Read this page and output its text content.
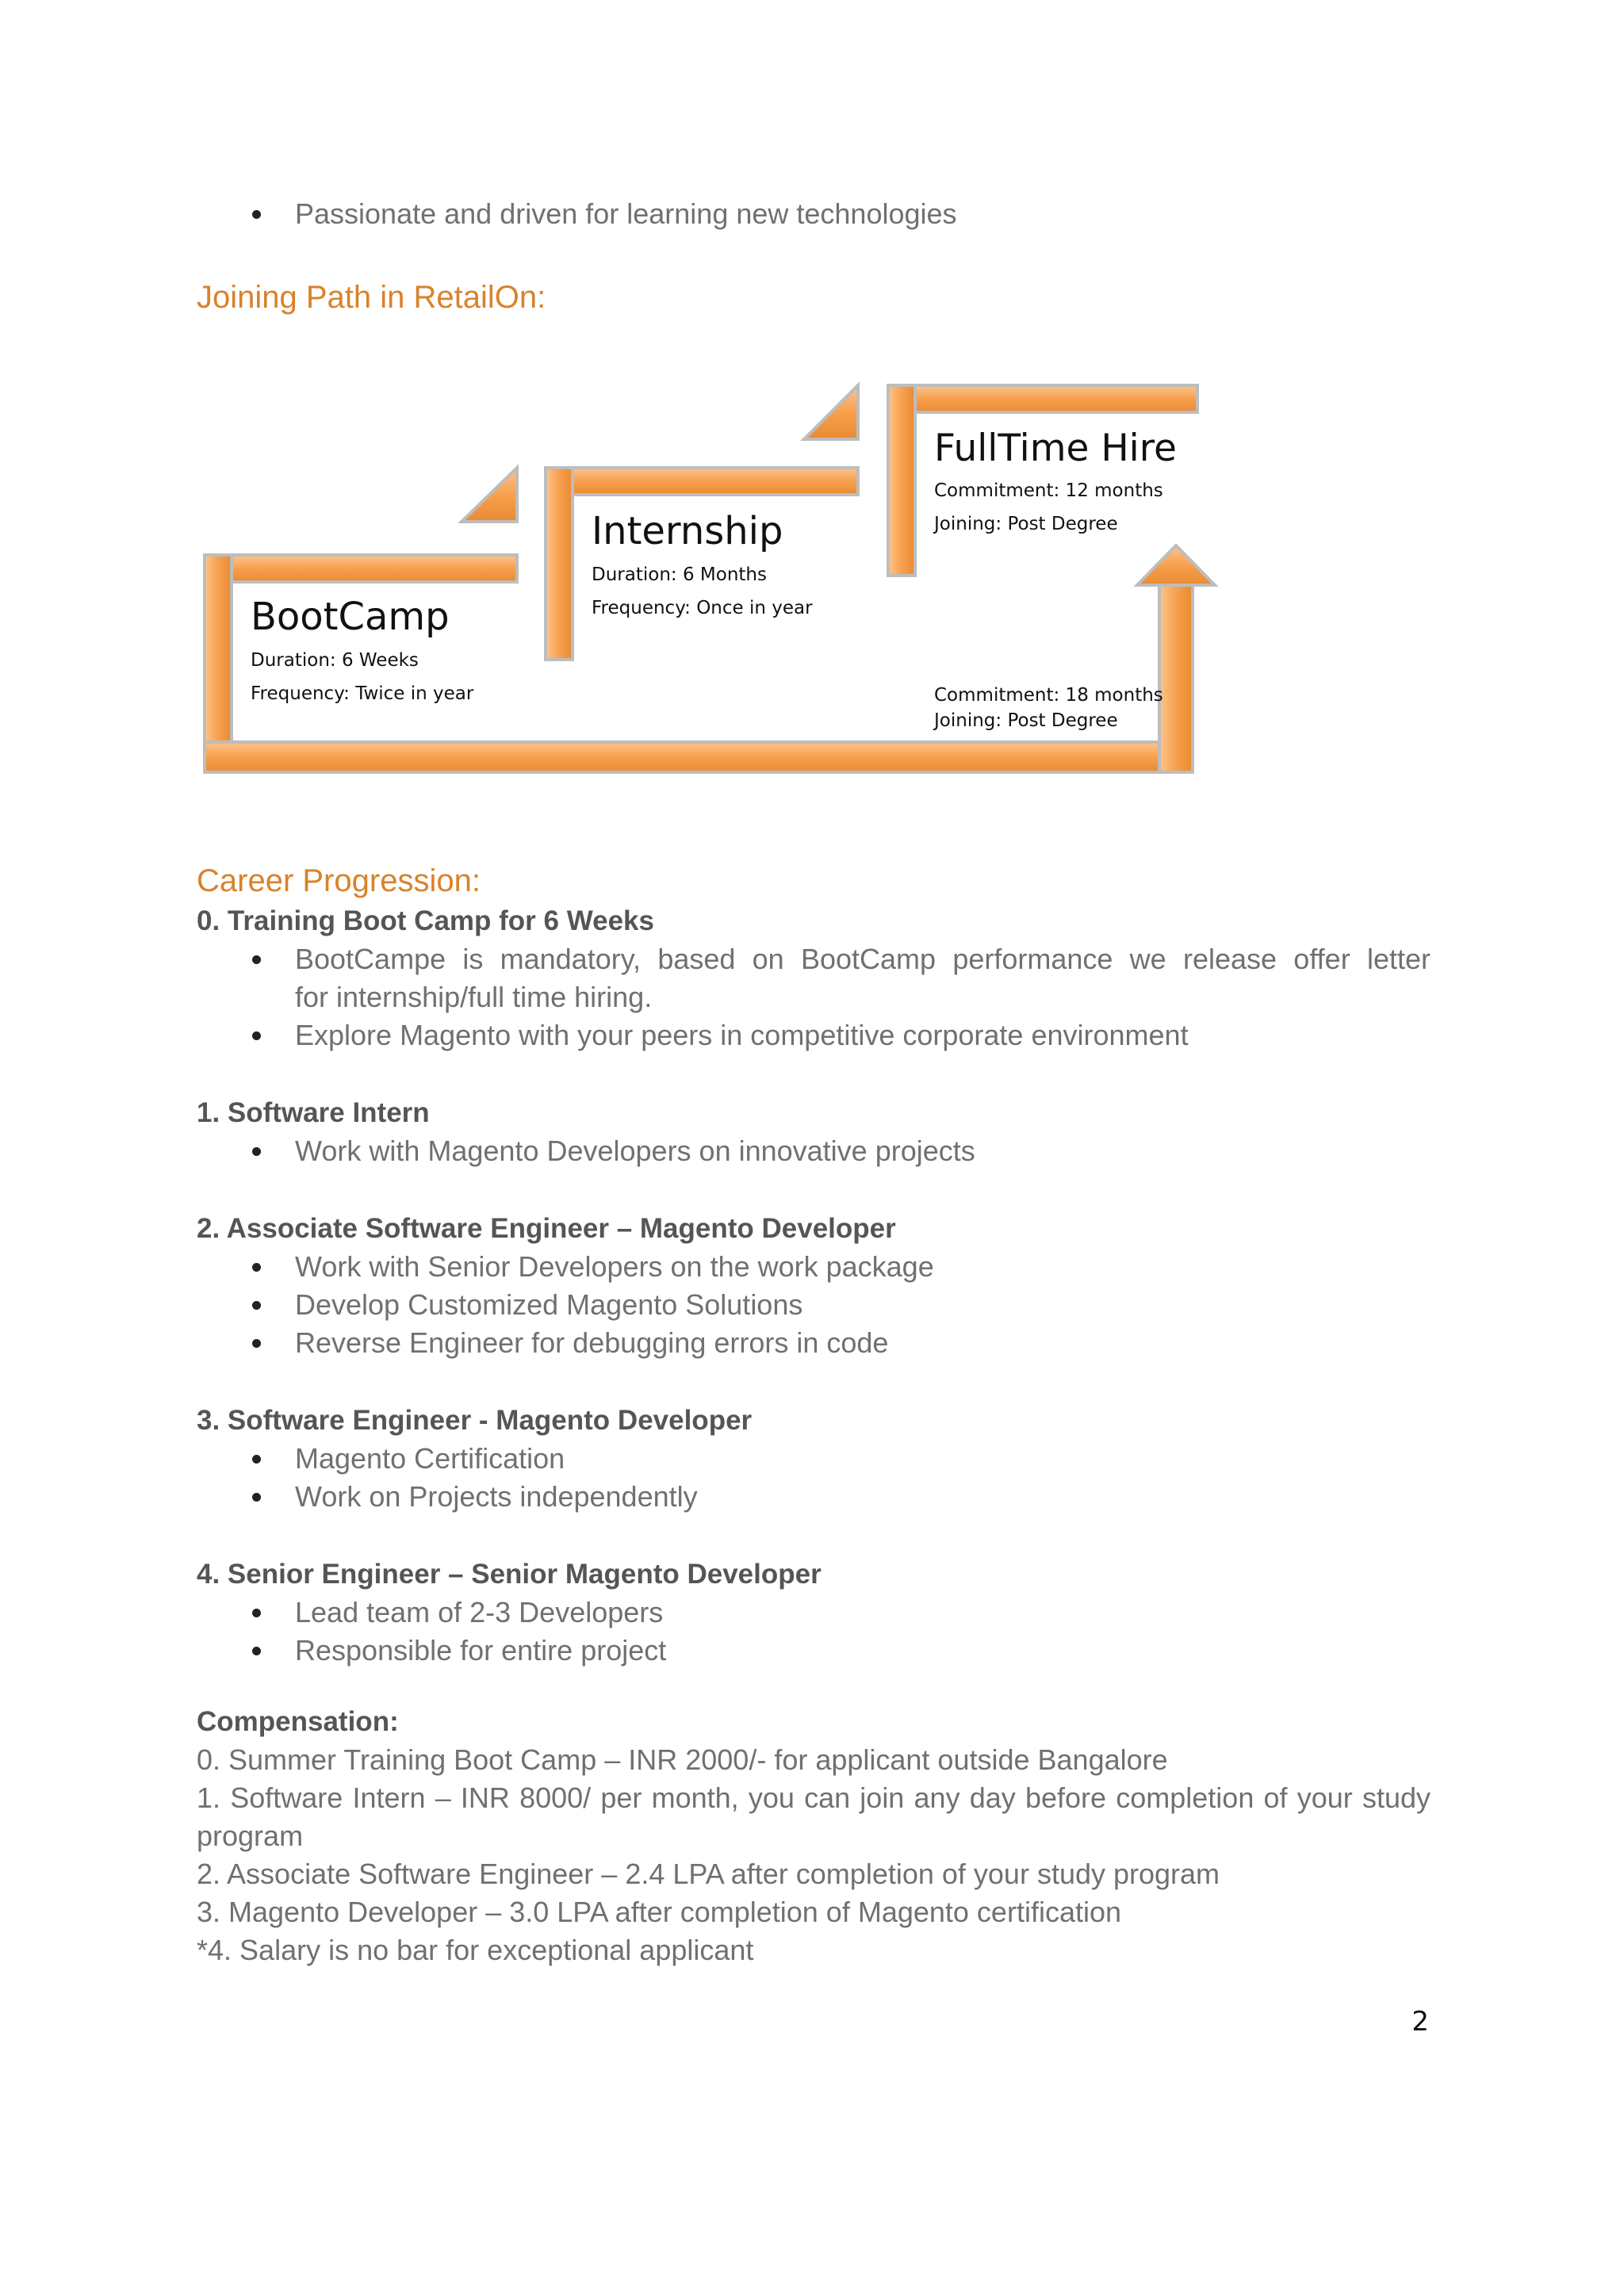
Passionate and driven for learning new technologies
Joining Path in RetailOn:
BootCamp
Duration: 6 Weeks
Frequency: Twice in year
Internship
Duration: 6 Months
Frequency: Once in year
FullTime Hire
Commitment: 12 months
Joining: Post Degree
Commitment: 18 months
Joining: Post Degree
Career Progression:
0. Training Boot Camp for 6 Weeks
BootCampe is mandatory, based on BootCamp performance we release offer letter
for internship/full time hiring.
Explore Magento with your peers in competitive corporate environment
1. Software Intern
Work with Magento Developers on innovative projects
2. Associate Software Engineer – Magento Developer
Work with Senior Developers on the work package
Develop Customized Magento Solutions
Reverse Engineer for debugging errors in code
3. Software Engineer - Magento Developer
Magento Certification
Work on Projects independently
4. Senior Engineer – Senior Magento Developer
Lead team of 2-3 Developers
Responsible for entire project
Compensation:
0. Summer Training Boot Camp – INR 2000/- for applicant outside Bangalore
1. Software Intern – INR 8000/ per month, you can join any day before completion of your study program
2. Associate Software Engineer – 2.4 LPA after completion of your study program
3. Magento Developer – 3.0 LPA after completion of Magento certification
*4. Salary is no bar for exceptional applicant
2
